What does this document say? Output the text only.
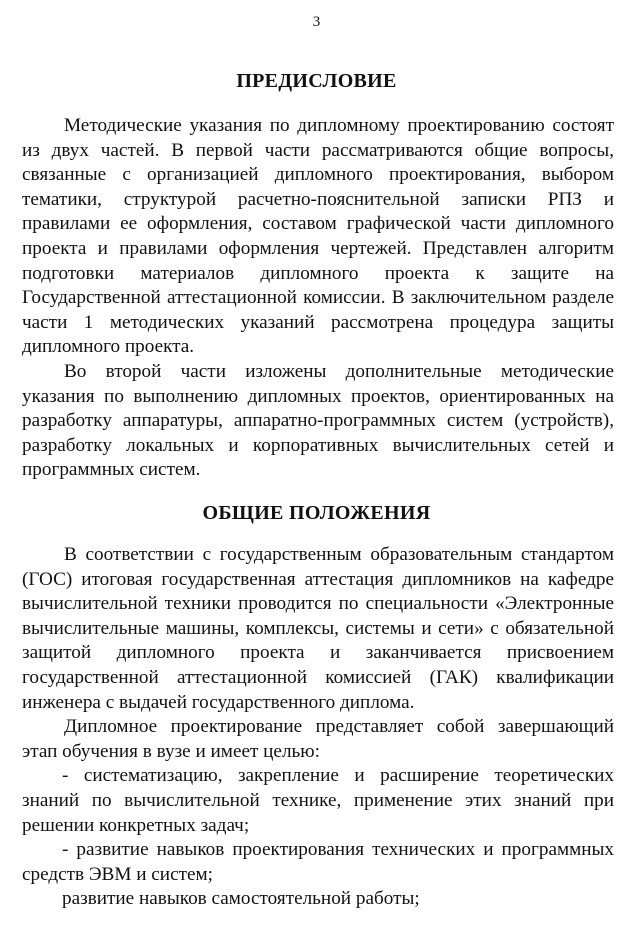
3
ПРЕДИСЛОВИЕ

Методические указания по дипломному проектированию состоят из двух частей. В первой части рассматриваются общие вопросы, связанные с организацией дипломного проектирования, выбором тематики, структурой расчетно-пояснительной записки РПЗ и правилами ее оформления, составом графической части дипломного проекта и правилами оформления чертежей. Представлен алгоритм подготовки материалов дипломного проекта к защите на Государственной аттестационной комиссии. В заключительном разделе части 1 методических указаний рассмотрена процедура защиты дипломного проекта.

Во второй части изложены дополнительные методические указания по выполнению дипломных проектов, ориентированных на разработку аппаратуры, аппаратно-программных систем (устройств), разработку локальных и корпоративных вычислительных сетей и программных систем.

ОБЩИЕ ПОЛОЖЕНИЯ

В соответствии с государственным образовательным стандартом (ГОС) итоговая государственная аттестация дипломников на кафедре вычислительной техники проводится по специальности «Электронные вычислительные машины, комплексы, системы и сети» с обязательной защитой дипломного проекта и заканчивается присвоением государственной аттестационной комиссией (ГАК) квалификации инженера с выдачей государственного диплома.

Дипломное проектирование представляет собой завершающий этап обучения в вузе и имеет целью:

- систематизацию, закрепление и расширение теоретических знаний по вычислительной технике, применение этих знаний при решении конкретных задач;

- развитие навыков проектирования технических и программных средств ЭВМ и систем;

развитие навыков самостоятельной работы;
